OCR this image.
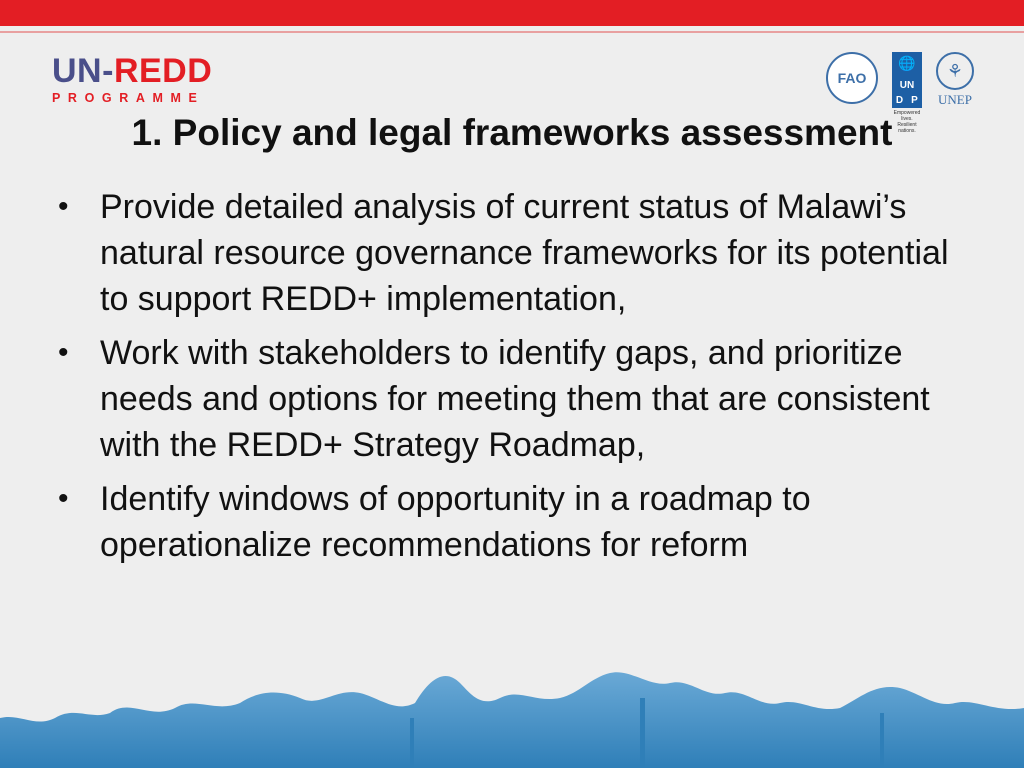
UN-REDD
PROGRAMME
FAO
🌐
UN
D P
Empowered lives. Resilient nations.
⚘
UNEP
1. Policy and legal frameworks assessment
• Provide detailed analysis of current status of Malawi’s natural resource governance frameworks for its potential to support REDD+ implementation,
• Work with stakeholders to identify gaps, and prioritize needs and options for meeting them that are consistent with the REDD+ Strategy Roadmap,
• Identify windows of opportunity in a roadmap to operationalize recommendations for reform
